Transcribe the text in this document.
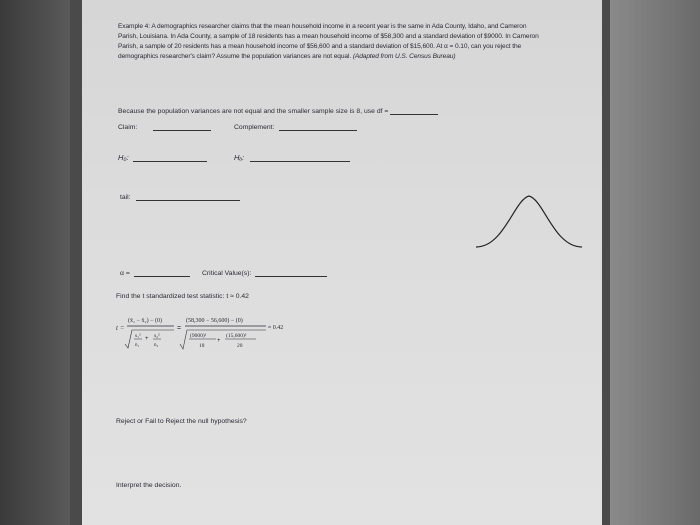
Example 4: A demographics researcher claims that the mean household income in a recent year is the same in Ada County, Idaho, and Cameron Parish, Louisiana. In Ada County, a sample of 18 residents has a mean household income of $58,300 and a standard deviation of $9000. In Cameron Parish, a sample of 20 residents has a mean household income of $56,600 and a standard deviation of $15,600. At α = 0.10, can you reject the demographics researcher's claim? Assume the population variances are not equal. (Adapted from U.S. Census Bureau)
Because the population variances are not equal and the smaller sample size is 8, use df =
Claim:	Complement:
H₀:	Hₐ:
tail:
α =	Critical Value(s):
Find the t standardized test statistic: t ≈ 0.42
t =
(x̄₁ − x̄₂) − (0)
s₁² + s₂²
n₁	n₂
=
(58,300 − 56,600) − (0)
(9000)²
+
(15,600)²
18	20
≈ 0.42
Reject or Fail to Reject the null hypothesis?
Interpret the decision.
